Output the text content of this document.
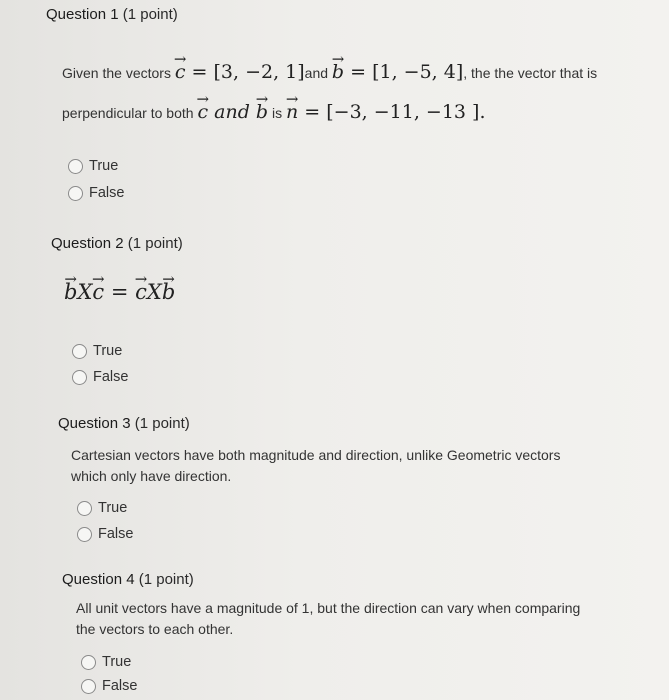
Question 1 (1 point)
Given the vectors → c = [3, −2, 1]and → b = [1, −5, 4], the the vector that is
perpendicular to both → c and → b is → n = [−3, −11, −13 ].
True
False
Question 2 (1 point)
→ bX→ c = → cX→ b
True
False
Question 3 (1 point)
Cartesian vectors have both magnitude and direction, unlike Geometric vectors
which only have direction.
True
False
Question 4 (1 point)
All unit vectors have a magnitude of 1, but the direction can vary when comparing
the vectors to each other.
True
False
